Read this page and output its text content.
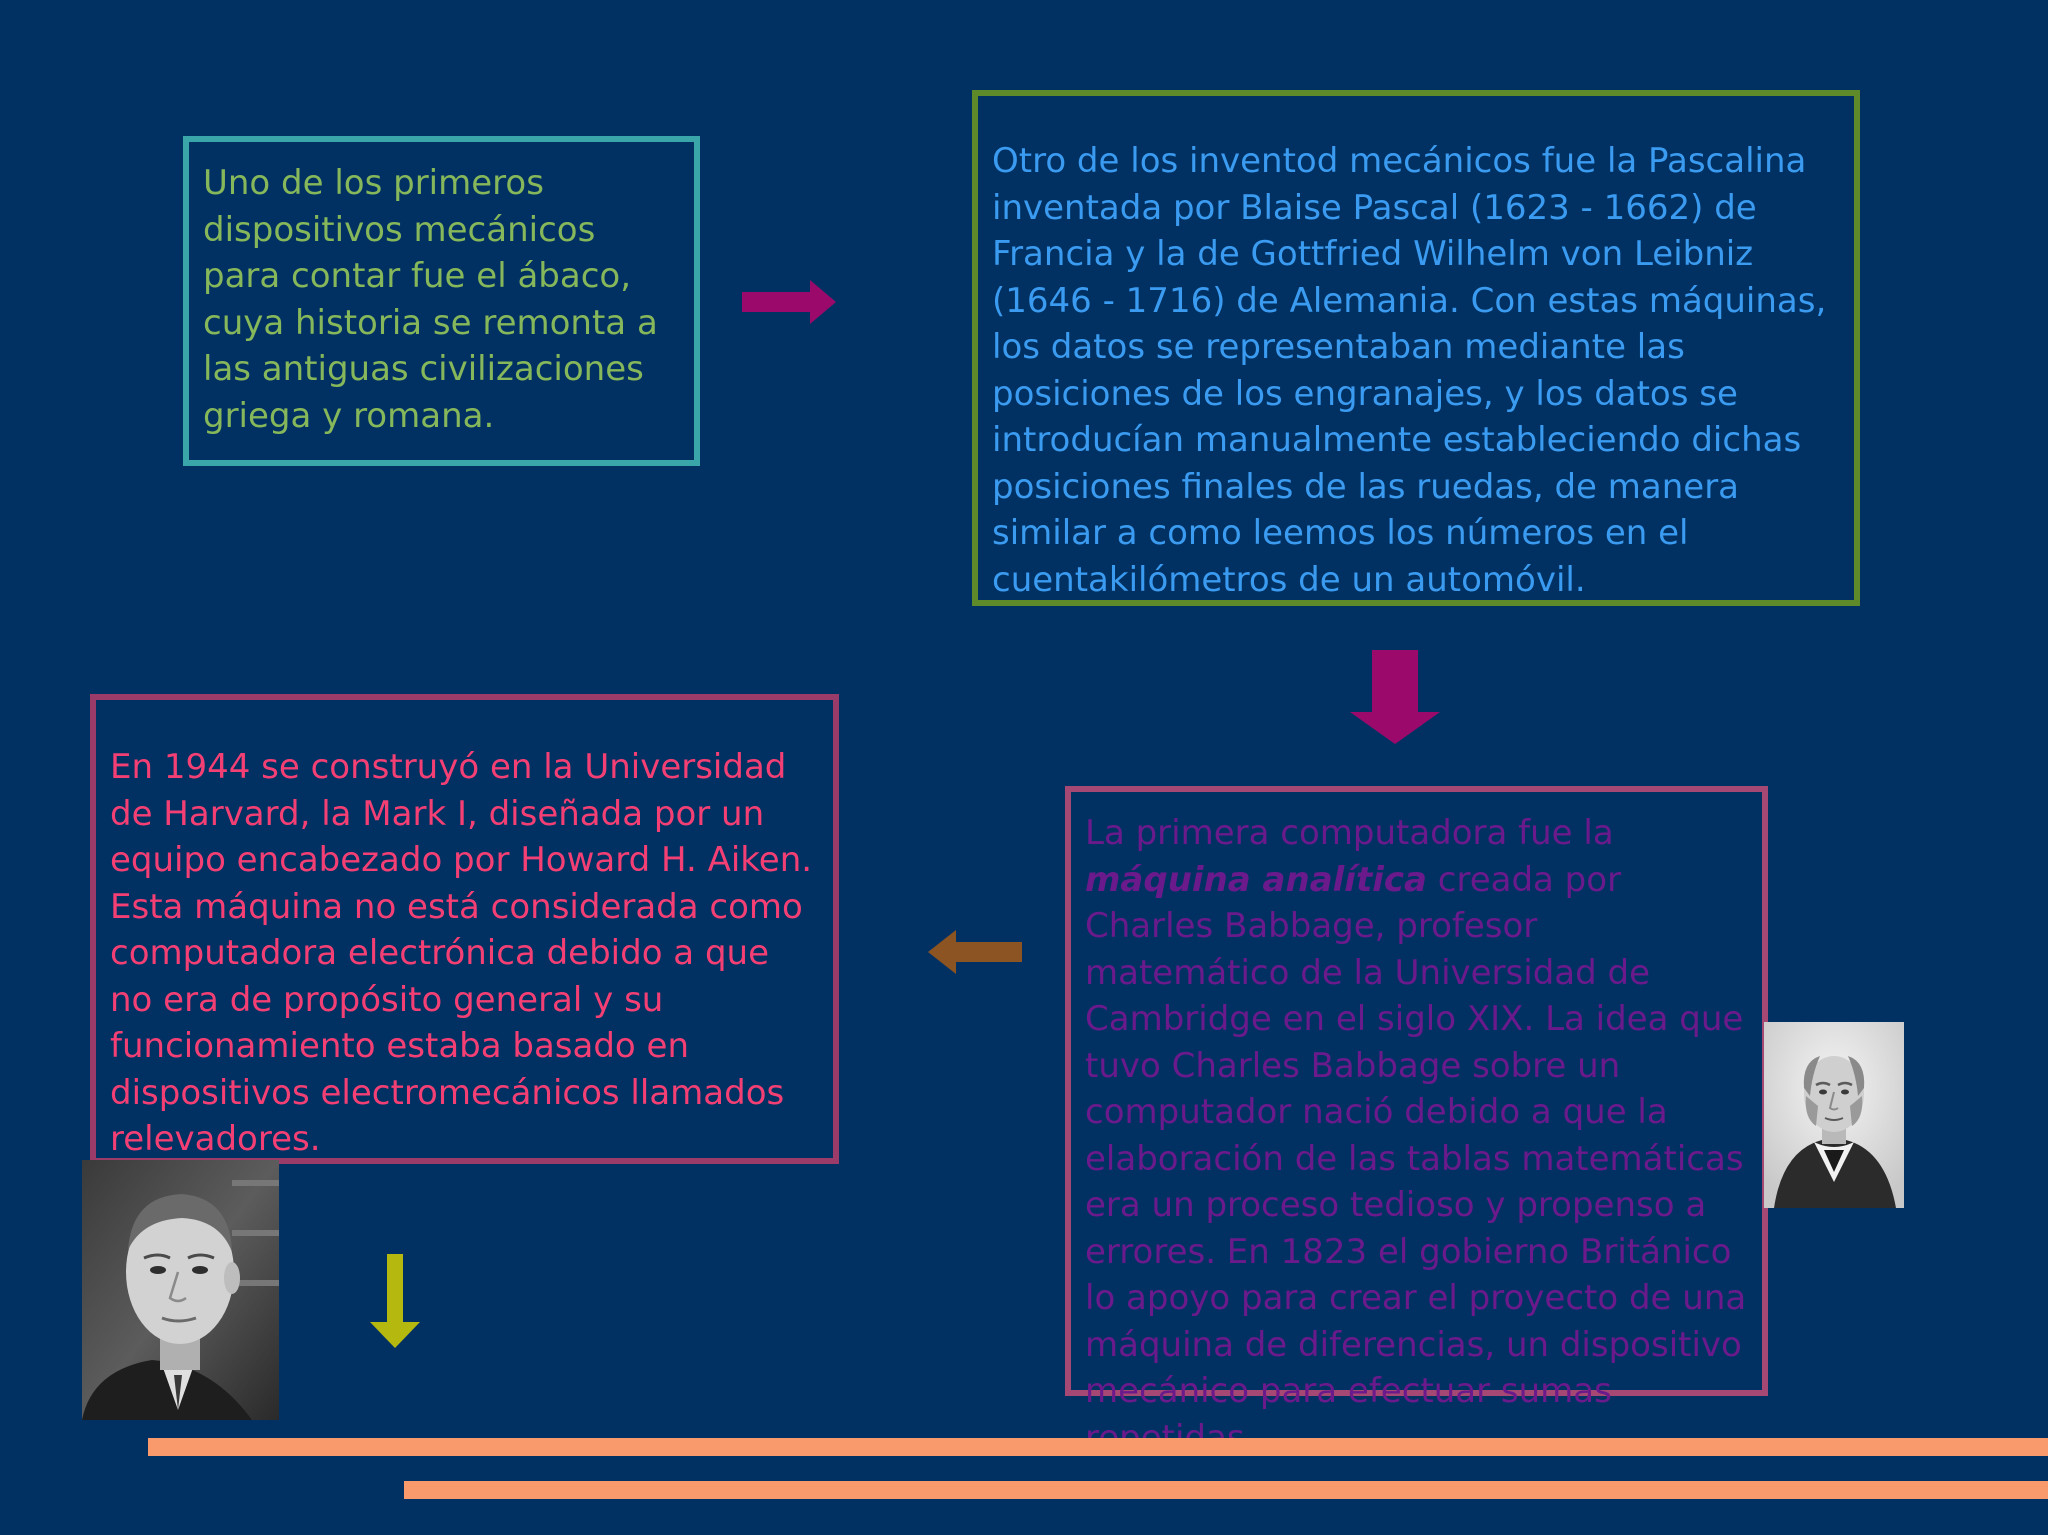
Uno de los primeros dispositivos mecánicos para contar fue el ábaco, cuya historia se remonta a las antiguas civilizaciones griega y romana.

Otro de los inventod mecánicos fue la Pascalina inventada por Blaise Pascal (1623 - 1662) de Francia y la de Gottfried Wilhelm von Leibniz (1646 - 1716) de Alemania. Con estas máquinas, los datos se representaban mediante las posiciones de los engranajes, y los datos se introducían manualmente estableciendo dichas posiciones finales de las ruedas, de manera similar a como leemos los números en el cuentakilómetros de un automóvil.

En 1944 se construyó en la Universidad de Harvard, la Mark I, diseñada por un equipo encabezado por Howard H. Aiken. Esta máquina no está considerada como computadora electrónica debido a que no era de propósito general y su funcionamiento estaba basado en dispositivos electromecánicos llamados relevadores.

La primera computadora fue la máquina analítica creada por Charles Babbage, profesor matemático de la Universidad de Cambridge en el siglo XIX. La idea que tuvo Charles Babbage sobre un computador nació debido a que la elaboración de las tablas matemáticas era un proceso tedioso y propenso a errores. En 1823 el gobierno Británico lo apoyo para crear el proyecto de una máquina de diferencias, un dispositivo mecánico para efectuar sumas
